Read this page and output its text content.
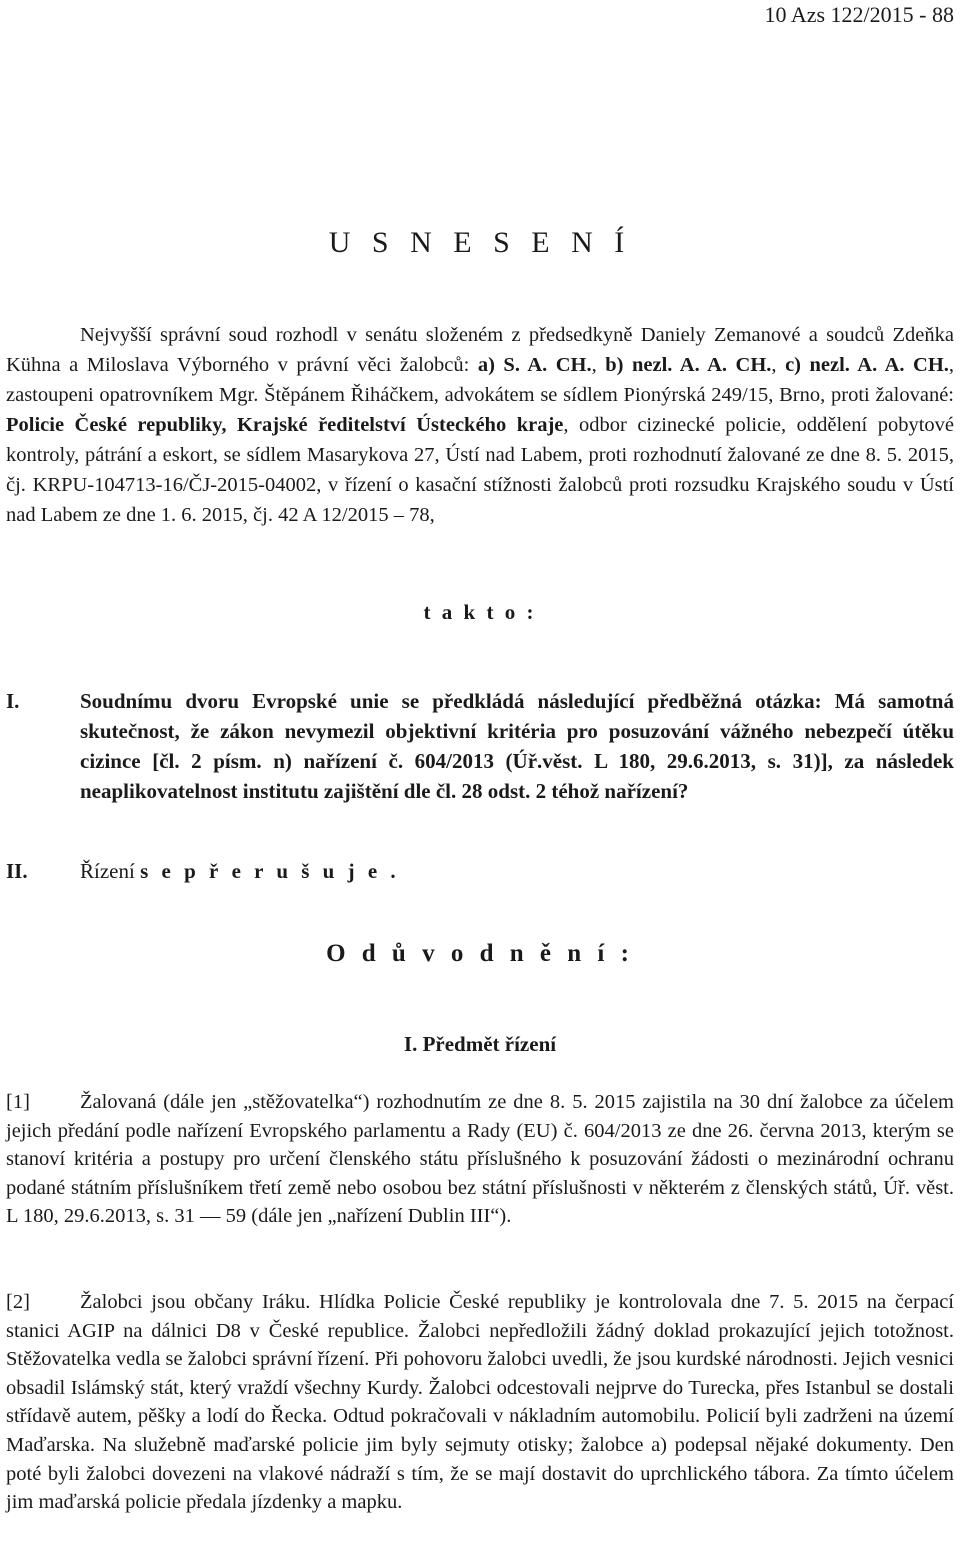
10 Azs 122/2015 - 88
U S N E S E N Í

Nejvyšší správní soud rozhodl v senátu složeném z předsedkyně Daniely Zemanové a soudců Zdeňka Kühna a Miloslava Výborného v právní věci žalobců: a) S. A. CH., b) nezl. A. A. CH., c) nezl. A. A. CH., zastoupeni opatrovníkem Mgr. Štěpánem Řiháčkem, advokátem se sídlem Pionýrská 249/15, Brno, proti žalované: Policie České republiky, Krajské ředitelství Ústeckého kraje, odbor cizinecké policie, oddělení pobytové kontroly, pátrání a eskort, se sídlem Masarykova 27, Ústí nad Labem, proti rozhodnutí žalované ze dne 8. 5. 2015, čj. KRPU-104713-16/ČJ-2015-04002, v řízení o kasační stížnosti žalobců proti rozsudku Krajského soudu v Ústí nad Labem ze dne 1. 6. 2015, čj. 42 A 12/2015 – 78,

t a k t o :
I.	Soudnímu dvoru Evropské unie se předkládá následující předběžná otázka: Má samotná skutečnost, že zákon nevymezil objektivní kritéria pro posuzování vážného nebezpečí útěku cizince [čl. 2 písm. n) nařízení č. 604/2013 (Úř.věst. L 180, 29.6.2013, s. 31)], za následek neaplikovatelnost institutu zajištění dle čl. 28 odst. 2 téhož nařízení?
II. Řízení s e p ř e r u š u j e .
O d ů v o d n ě n í :
I. Předmět řízení

[1] Žalovaná (dále jen „stěžovatelka“) rozhodnutím ze dne 8. 5. 2015 zajistila na 30 dní žalobce za účelem jejich předání podle nařízení Evropského parlamentu a Rady (EU) č. 604/2013 ze dne 26. června 2013, kterým se stanoví kritéria a postupy pro určení členského státu příslušného k posuzování žádosti o mezinárodní ochranu podané státním příslušníkem třetí země nebo osobou bez státní příslušnosti v některém z členských států, Úř. věst. L 180, 29.6.2013, s. 31 — 59 (dále jen „nařízení Dublin III“).

[2] Žalobci jsou občany Iráku. Hlídka Policie České republiky je kontrolovala dne 7. 5. 2015 na čerpací stanici AGIP na dálnici D8 v České republice. Žalobci nepředložili žádný doklad prokazující jejich totožnost. Stěžovatelka vedla se žalobci správní řízení. Při pohovoru žalobci uvedli, že jsou kurdské národnosti. Jejich vesnici obsadil Islámský stát, který vraždí všechny Kurdy. Žalobci odcestovali nejprve do Turecka, přes Istanbul se dostali střídavě autem, pěšky a lodí do Řecka. Odtud pokračovali v nákladním automobilu. Policií byli zadrženi na území Maďarska. Na služebně maďarské policie jim byly sejmuty otisky; žalobce a) podepsal nějaké dokumenty. Den poté byli žalobci dovezeni na vlakové nádraží s tím, že se mají dostavit do uprchlického tábora. Za tímto účelem jim maďarská policie předala jízdenky a mapku.
